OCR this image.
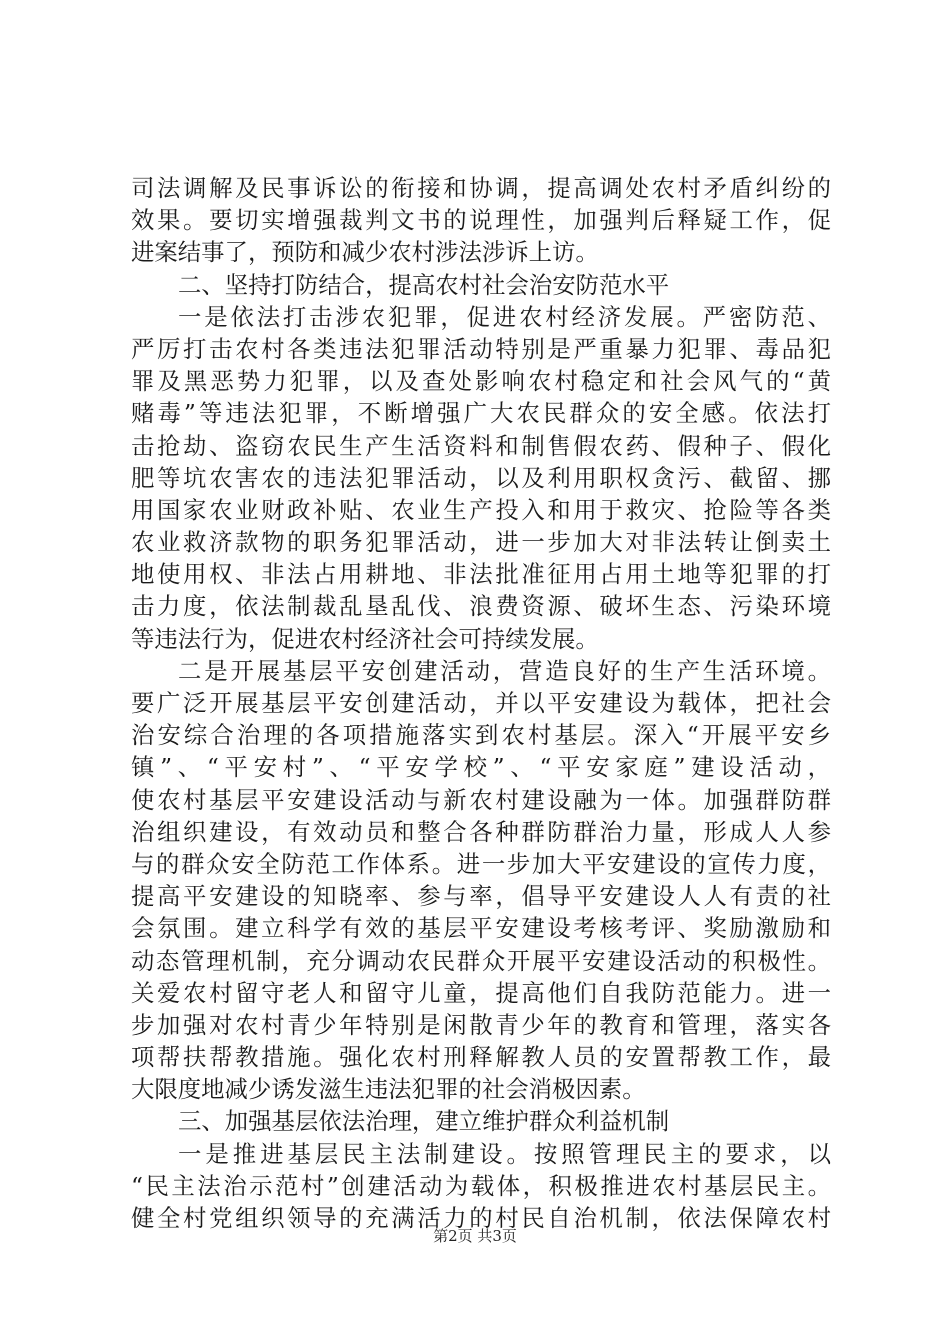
司法调解及民事诉讼的衔接和协调，提高调处农村矛盾纠纷的
效果。要切实增强裁判文书的说理性，加强判后释疑工作，促
进案结事了，预防和减少农村涉法涉诉上访。
二、坚持打防结合，提高农村社会治安防范水平
一是依法打击涉农犯罪，促进农村经济发展。严密防范、
严厉打击农村各类违法犯罪活动特别是严重暴力犯罪、毒品犯
罪及黑恶势力犯罪，以及查处影响农村稳定和社会风气的“黄
赌毒”等违法犯罪，不断增强广大农民群众的安全感。依法打
击抢劫、盗窃农民生产生活资料和制售假农药、假种子、假化
肥等坑农害农的违法犯罪活动，以及利用职权贪污、截留、挪
用国家农业财政补贴、农业生产投入和用于救灾、抢险等各类
农业救济款物的职务犯罪活动，进一步加大对非法转让倒卖土
地使用权、非法占用耕地、非法批准征用占用土地等犯罪的打
击力度，依法制裁乱垦乱伐、浪费资源、破坏生态、污染环境
等违法行为，促进农村经济社会可持续发展。
二是开展基层平安创建活动，营造良好的生产生活环境。
要广泛开展基层平安创建活动，并以平安建设为载体，把社会
治安综合治理的各项措施落实到农村基层。深入“开展平安乡
镇”、“平安村”、“平安学校”、“平安家庭”建设活动，
使农村基层平安建设活动与新农村建设融为一体。加强群防群
治组织建设，有效动员和整合各种群防群治力量，形成人人参
与的群众安全防范工作体系。进一步加大平安建设的宣传力度，
提高平安建设的知晓率、参与率，倡导平安建设人人有责的社
会氛围。建立科学有效的基层平安建设考核考评、奖励激励和
动态管理机制，充分调动农民群众开展平安建设活动的积极性。
关爱农村留守老人和留守儿童，提高他们自我防范能力。进一
步加强对农村青少年特别是闲散青少年的教育和管理，落实各
项帮扶帮教措施。强化农村刑释解教人员的安置帮教工作，最
大限度地减少诱发滋生违法犯罪的社会消极因素。
三、加强基层依法治理，建立维护群众利益机制
一是推进基层民主法制建设。按照管理民主的要求，以
“民主法治示范村”创建活动为载体，积极推进农村基层民主。
健全村党组织领导的充满活力的村民自治机制，依法保障农村
第2页 共3页
